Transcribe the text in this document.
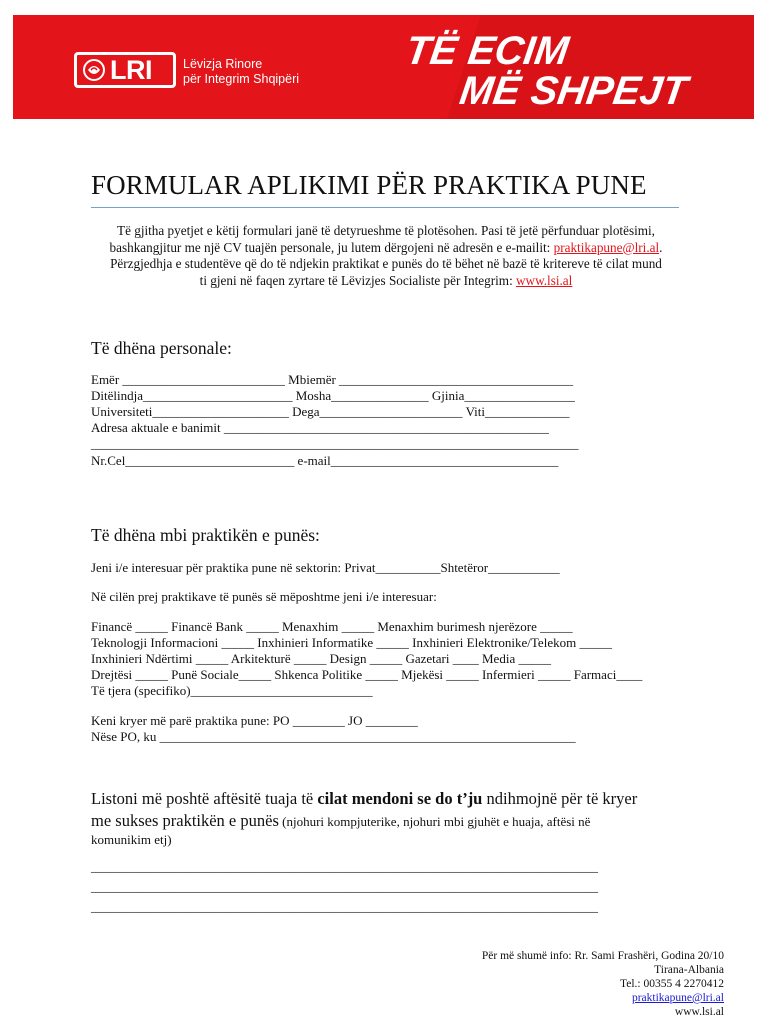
LRI Lëvizja Rinore
për Integrim Shqipëri
TË ECIM
MË SHPEJT
FORMULAR APLIKIMI PËR PRAKTIKA PUNE

Të gjitha pyetjet e këtij formulari janë të detyrueshme të plotësohen. Pasi të jetë përfunduar plotësimi,

bashkangjitur me një CV tuajën personale, ju lutem dërgojeni në adresën e e-mailit: praktikapune@lri.al.

Përzgjedhja e studentëve që do të ndjekin praktikat e punës do të bëhet në bazë të kritereve të cilat mund

ti gjeni në faqen zyrtare të Lëvizjes Socialiste për Integrim: www.lsi.al

Të dhëna personale:
Emër _________________________ Mbiemër ____________________________________
Ditëlindja_______________________ Mosha_______________ Gjinia_________________
Universiteti_____________________ Dega______________________ Viti_____________
Adresa aktuale e banimit __________________________________________________
___________________________________________________________________________
Nr.Cel__________________________ e-mail___________________________________
Të dhëna mbi praktikën e punës:
Jeni i/e interesuar për praktika pune në sektorin: Privat__________Shtetëror___________
Në cilën prej praktikave të punës së mëposhtme jeni i/e interesuar:
Financë _____ Financë Bank _____ Menaxhim _____ Menaxhim burimesh njerëzore _____
Teknologji Informacioni _____ Inxhinieri Informatike _____ Inxhinieri Elektronike/Telekom _____
Inxhinieri Ndërtimi _____ Arkitekturë _____ Design _____ Gazetari ____ Media _____
Drejtësi _____ Punë Sociale_____ Shkenca Politike _____ Mjekësi _____ Infermieri _____ Farmaci____
Të tjera (specifiko)____________________________
Keni kryer më parë praktika pune: PO ________ JO ________
Nëse PO, ku ________________________________________________________________

Listoni më poshtë aftësitë tuaja të cilat mendoni se do t’ju ndihmojnë për të kryer

me sukses praktikën e punës (njohuri kompjuterike, njohuri mbi gjuhët e huaja, aftësi në

komunikim etj)
______________________________________________________________________________
______________________________________________________________________________
______________________________________________________________________________
Për më shumë info: Rr. Sami Frashëri, Godina 20/10
Tirana-Albania
Tel.: 00355 4 2270412
praktikapune@lri.al
www.lsi.al
